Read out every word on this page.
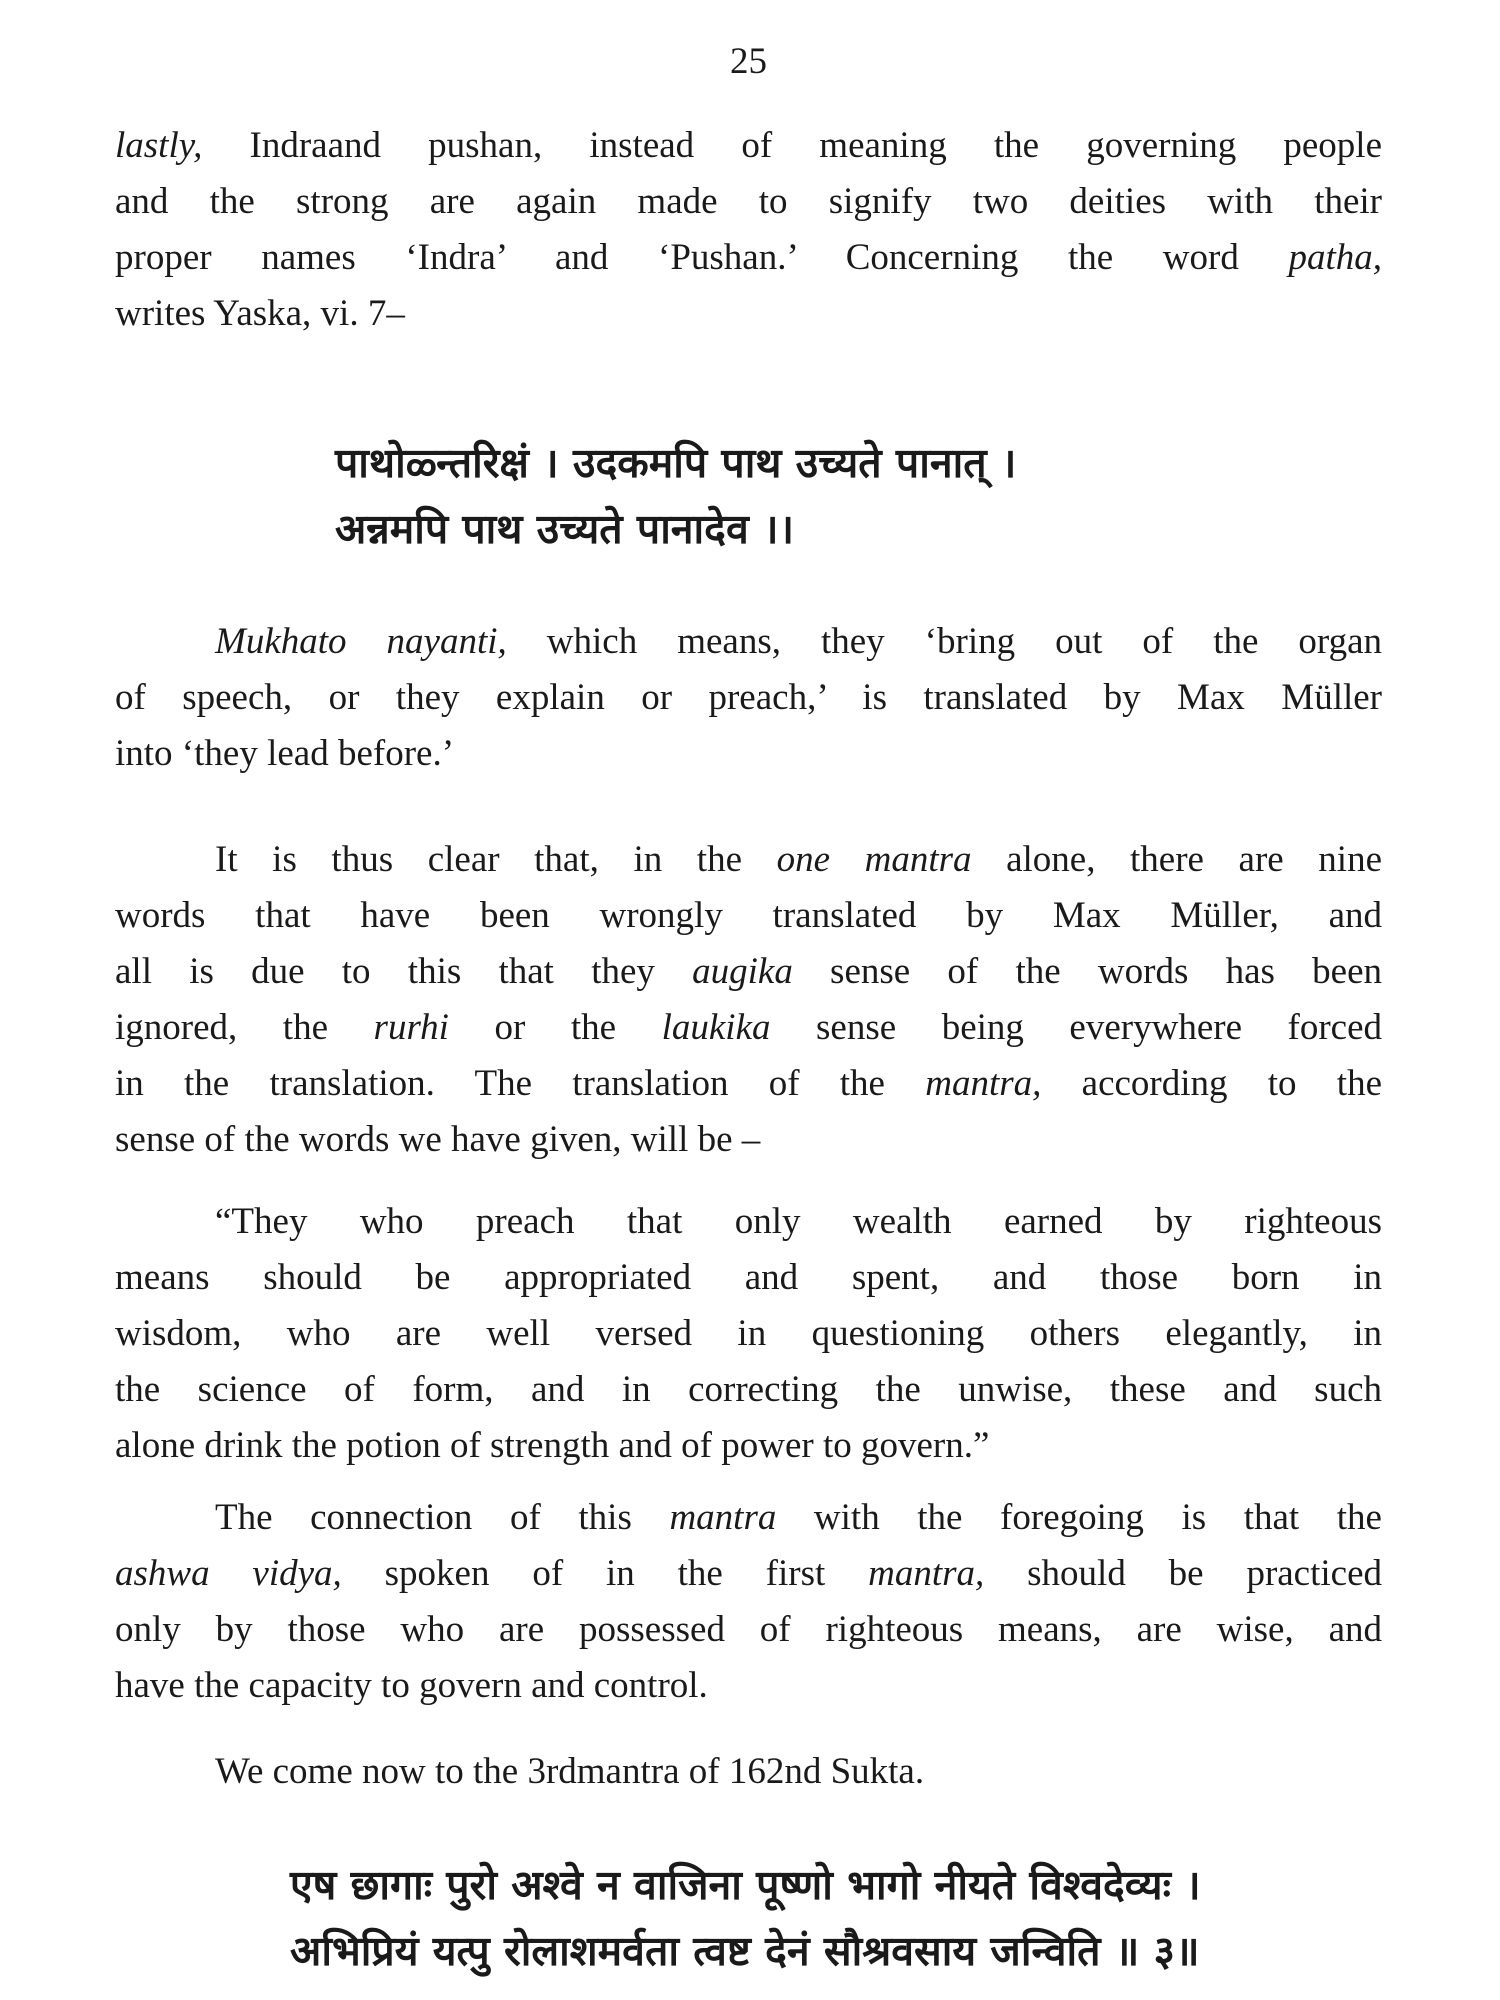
25
lastly, Indraand pushan, instead of meaning the governing people
and the strong are again made to signify two deities with their
proper names ‘Indra’ and ‘Pushan.’ Concerning the word patha,
writes Yaska, vi. 7–
पाथोळ्न्तरिक्षं । उदकमपि पाथ उच्यते पानात् ।
अन्नमपि पाथ उच्यते पानादेव ।।
Mukhato nayanti, which means, they ‘bring out of the organ
of speech, or they explain or preach,’ is translated by Max Müller
into ‘they lead before.’
It is thus clear that, in the one mantra alone, there are nine
words that have been wrongly translated by Max Müller, and
all is due to this that they augika sense of the words has been
ignored, the rurhi or the laukika sense being everywhere forced
in the translation. The translation of the mantra, according to the
sense of the words we have given, will be –
“They who preach that only wealth earned by righteous
means should be appropriated and spent, and those born in
wisdom, who are well versed in questioning others elegantly, in
the science of form, and in correcting the unwise, these and such
alone drink the potion of strength and of power to govern.”
The connection of this mantra with the foregoing is that the
ashwa vidya, spoken of in the first mantra, should be practiced
only by those who are possessed of righteous means, are wise, and
have the capacity to govern and control.
We come now to the 3rdmantra of 162nd Sukta.
एष छागाः पुरो अश्वे न वाजिना पूष्णो भागो नीयते विश्वदेव्यः ।
अभिप्रियं यत्पु रोलाशमर्वता त्वष्ट देनं सौश्रवसाय जन्विति ॥ ३॥
